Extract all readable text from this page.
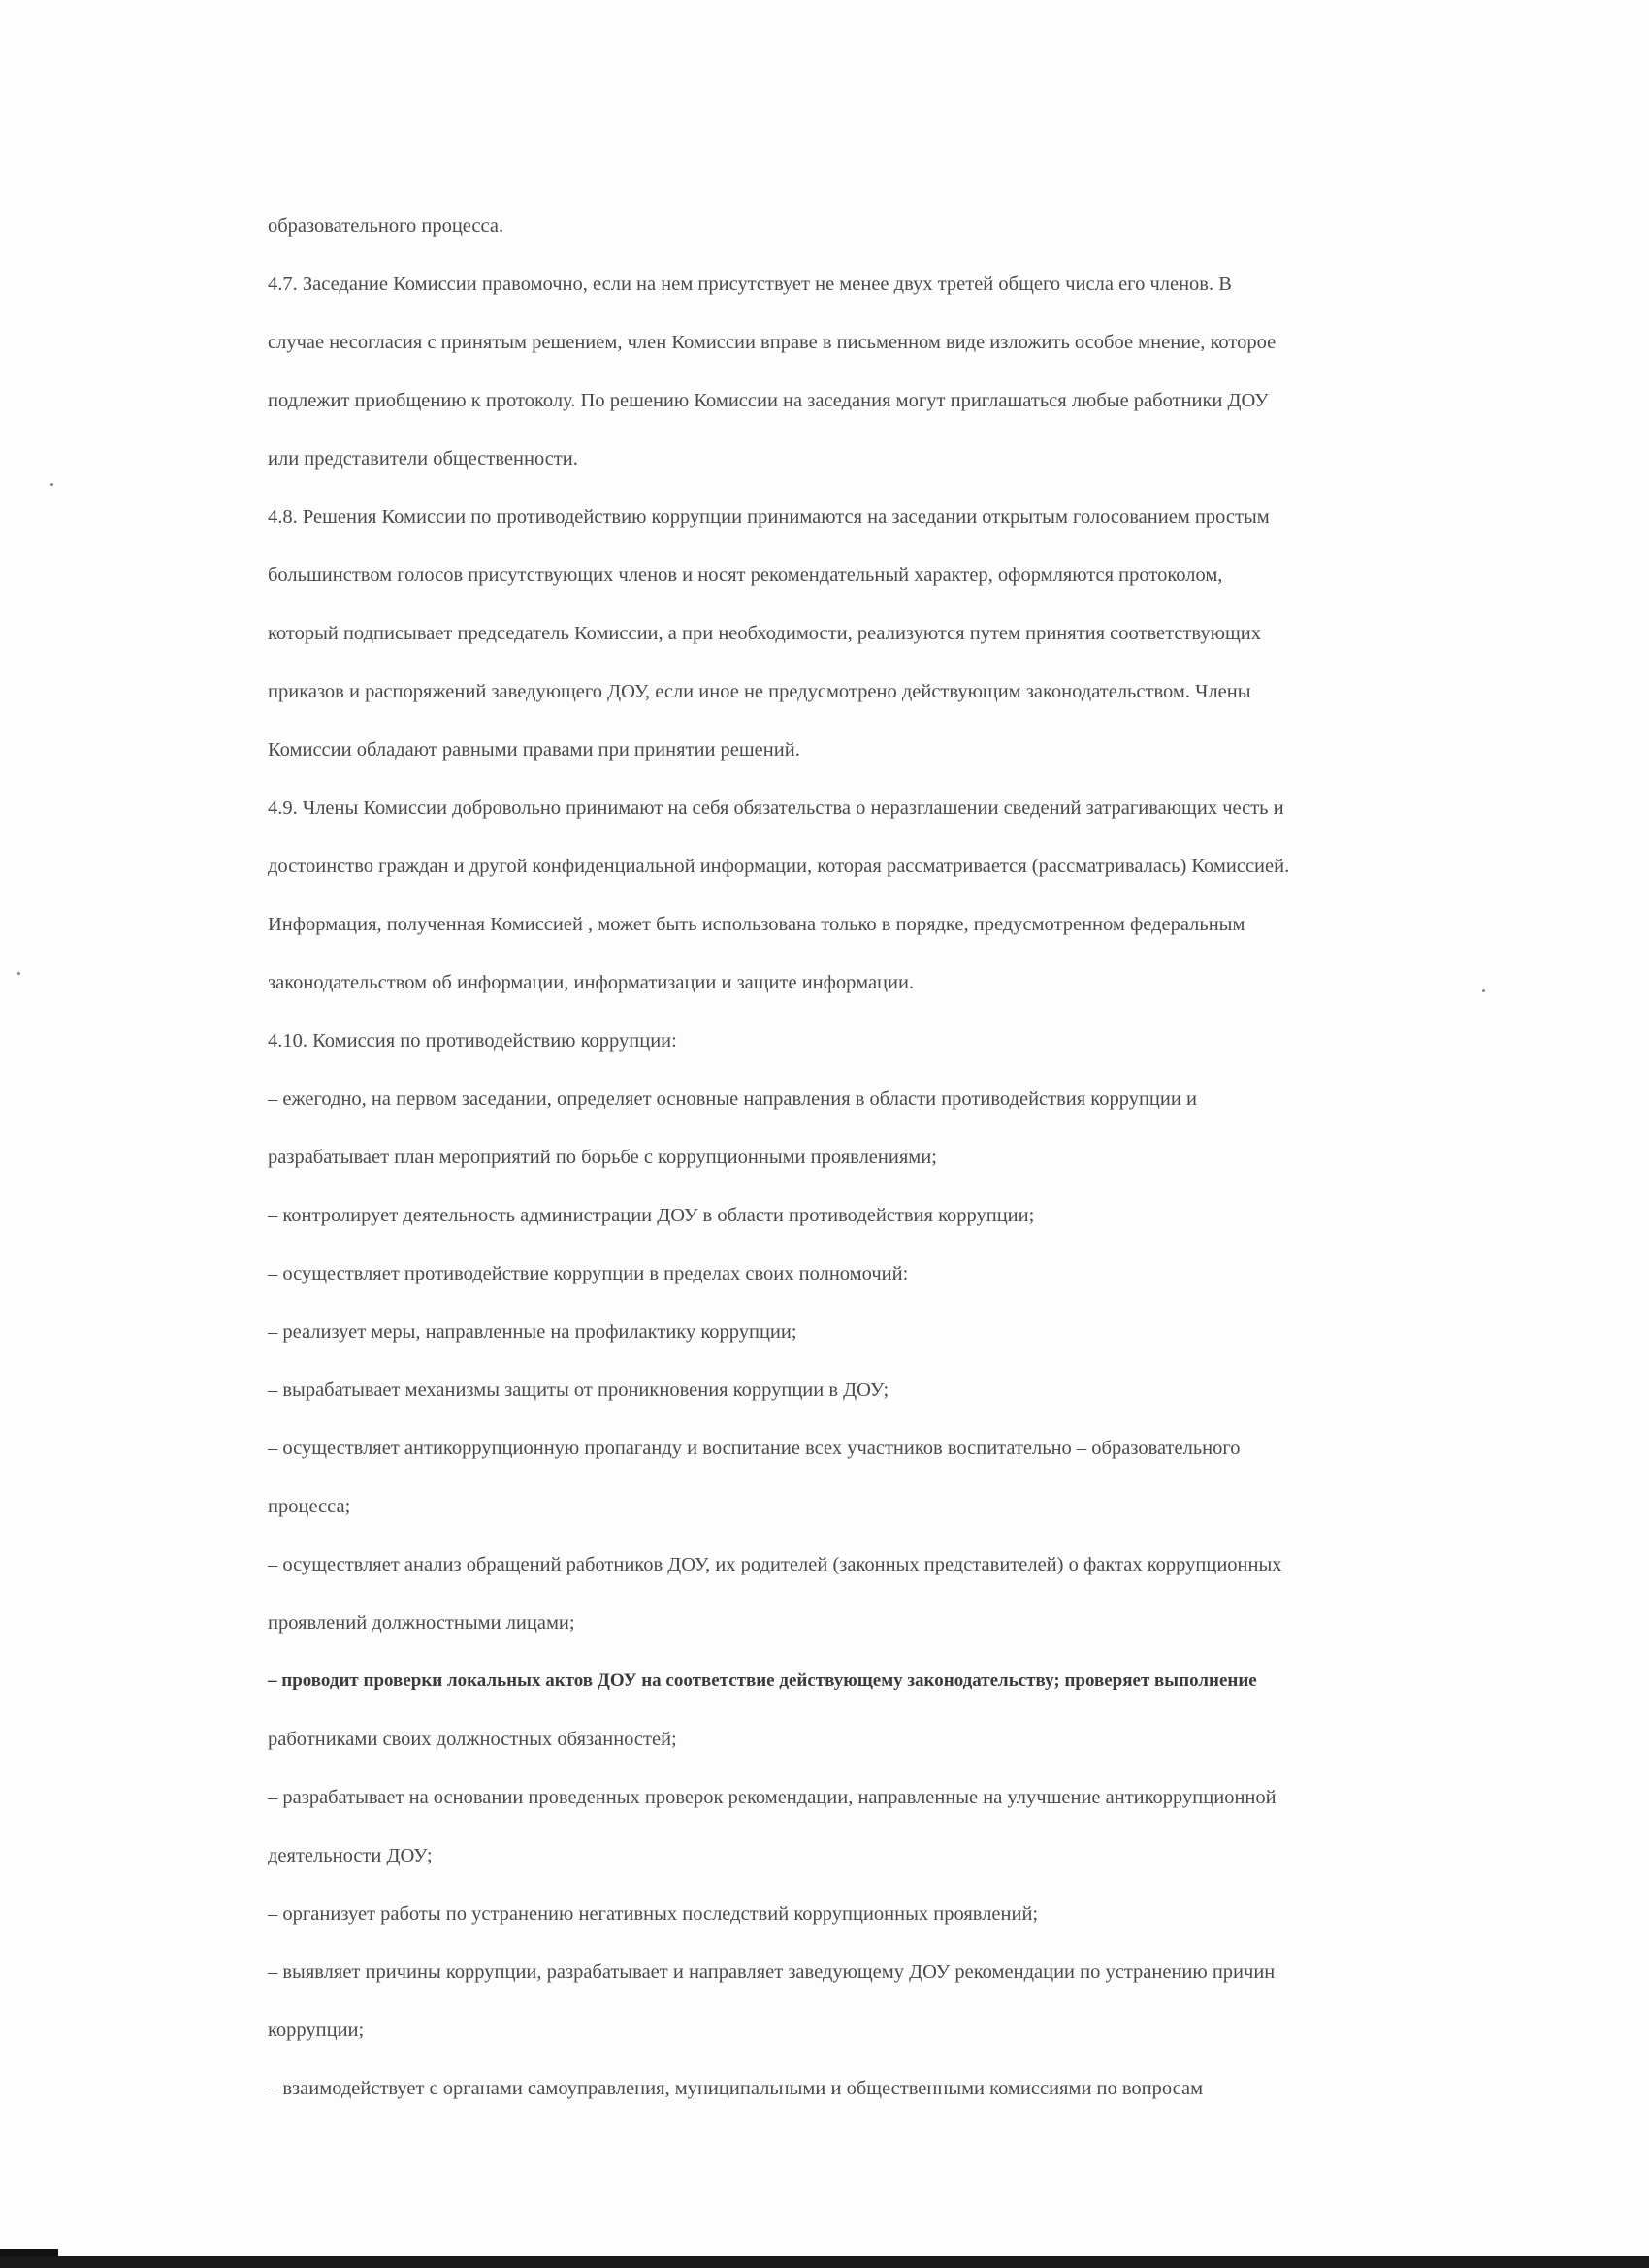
образовательного процесса.
4.7. Заседание Комиссии правомочно, если на нем присутствует не менее двух третей общего числа его членов. В
случае несогласия с принятым решением, член Комиссии вправе в письменном виде изложить особое мнение, которое
подлежит приобщению к протоколу. По решению Комиссии на заседания могут приглашаться любые работники ДОУ
или представители общественности.
4.8. Решения Комиссии по противодействию коррупции принимаются на заседании открытым голосованием простым
большинством голосов присутствующих членов и носят рекомендательный характер, оформляются протоколом,
который подписывает председатель Комиссии, а при необходимости, реализуются путем принятия соответствующих
приказов и распоряжений заведующего ДОУ, если иное не предусмотрено действующим законодательством. Члены
Комиссии обладают равными правами при принятии решений.
4.9. Члены Комиссии добровольно принимают на себя обязательства о неразглашении сведений затрагивающих честь и
достоинство граждан и другой конфиденциальной информации, которая рассматривается (рассматривалась) Комиссией.
Информация, полученная Комиссией , может быть использована только в порядке, предусмотренном федеральным
законодательством об информации, информатизации и защите информации.
4.10. Комиссия по противодействию коррупции:
– ежегодно, на первом заседании, определяет основные направления в области противодействия коррупции и
разрабатывает план мероприятий по борьбе с коррупционными проявлениями;
– контролирует деятельность администрации ДОУ в области противодействия коррупции;
– осуществляет противодействие коррупции в пределах своих полномочий:
– реализует меры, направленные на профилактику коррупции;
– вырабатывает механизмы защиты от проникновения коррупции в ДОУ;
– осуществляет антикоррупционную пропаганду и воспитание всех участников воспитательно – образовательного
процесса;
– осуществляет анализ обращений работников ДОУ, их родителей (законных представителей) о фактах коррупционных
проявлений должностными лицами;
– проводит проверки локальных актов ДОУ на соответствие действующему законодательству; проверяет выполнение
работниками своих должностных обязанностей;
– разрабатывает на основании проведенных проверок рекомендации, направленные на улучшение антикоррупционной
деятельности ДОУ;
– организует работы по устранению негативных последствий коррупционных проявлений;
– выявляет причины коррупции, разрабатывает и направляет заведующему ДОУ рекомендации по устранению причин
коррупции;
– взаимодействует с органами самоуправления, муниципальными и общественными комиссиями по вопросам
